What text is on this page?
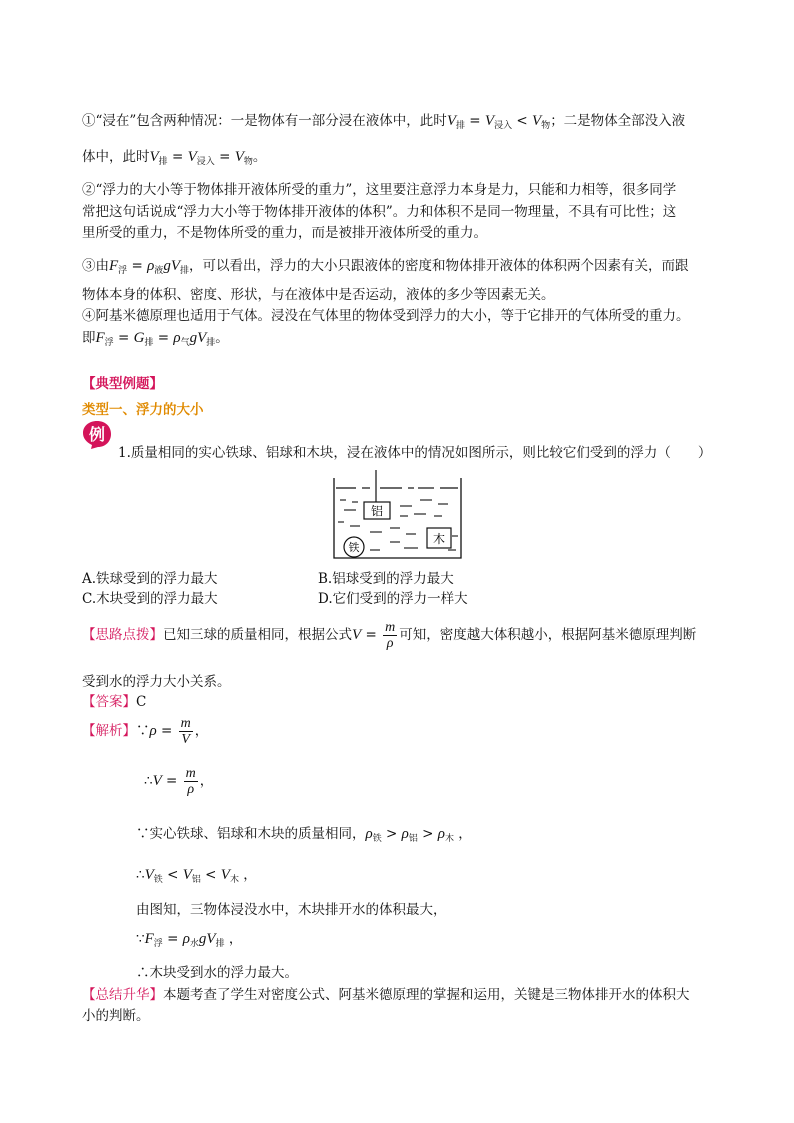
①“浸在”包含两种情况：一是物体有一部分浸在液体中，此时$V_排 = V_{浸入} < V_物$；二是物体全部没入液
体中，此时$V_排 = V_{浸入} = V_物$。
②“浮力的大小等于物体排开液体所受的重力”，这里要注意浮力本身是力，只能和力相等，很多同学
常把这句话说成“浮力大小等于物体排开液体的体积”。力和体积不是同一物理量，不具有可比性；这
里所受的重力，不是物体所受的重力，而是被排开液体所受的重力。
③由$F_浮 = \rho_液gV_排$，可以看出，浮力的大小只跟液体的密度和物体排开液体的体积两个因素有关，而跟
物体本身的体积、密度、形状，与在液体中是否运动，液体的多少等因素无关。
④阿基米德原理也适用于气体。浸没在气体里的物体受到浮力的大小，等于它排开的气体所受的重力。
即$F_浮 = G_排 = \rho_气gV_排$。
【典型例题】
类型一、浮力的大小
例
1.质量相同的实心铁球、铝球和木块，浸在液体中的情况如图所示，则比较它们受到的浮力（　　）
铝
铁
木
A.铁球受到的浮力最大	B.铝球受到的浮力最大
C.木块受到的浮力最大	D.它们受到的浮力一样大
【思路点拨】已知三球的质量相同，根据公式$V = \frac{m}{\rho}$ 可知，密度越大体积越小，根据阿基米德原理判断
受到水的浮力大小关系。
【答案】C
【解析】∵ρ = $\frac{m}{V}$ ，
∴V = $\frac{m}{\rho}$ ，
∵实心铁球、铝球和木块的质量相同，$\rho_铁 > \rho_铝 > \rho_木$ ，
$\therefore V_铁 < V_铝 < V_木$ ，
由图知，三物体浸没水中，木块排开水的体积最大，
$\because F_浮 = \rho_水gV_排$ ，
∴木块受到水的浮力最大。
【总结升华】本题考查了学生对密度公式、阿基米德原理的掌握和运用，关键是三物体排开水的体积大
小的判断。
